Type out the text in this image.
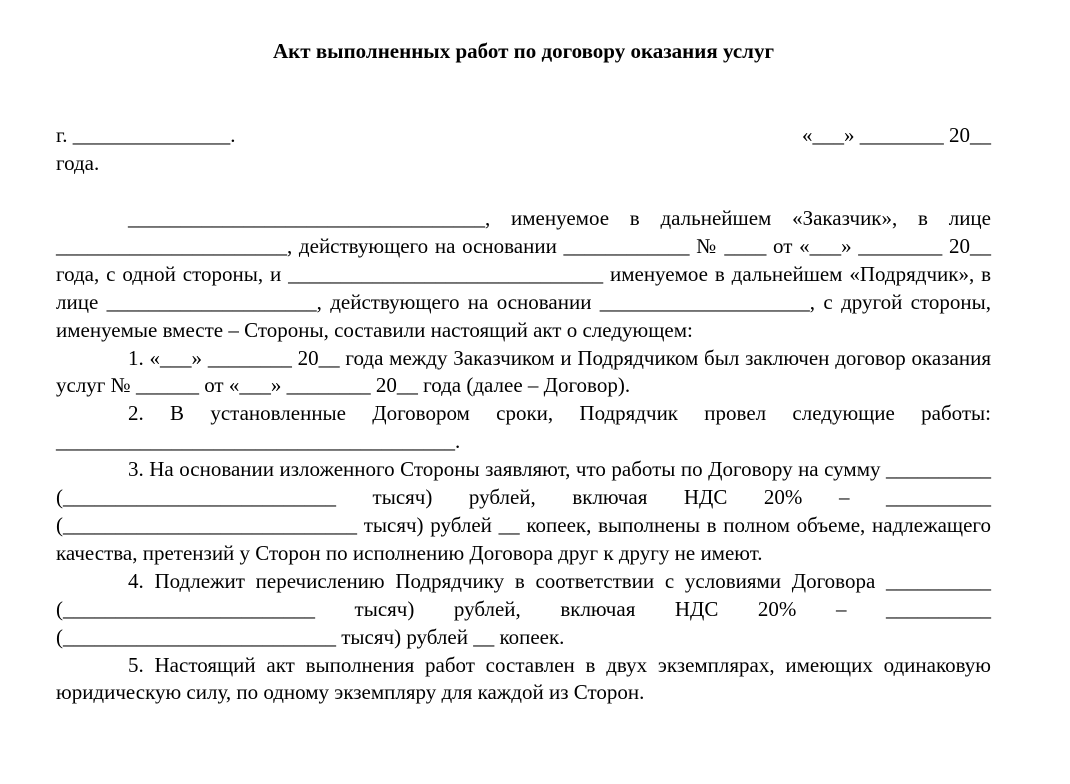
Акт выполненных работ по договору оказания услуг
г. _______________.	«___» ________ 20__
года.

__________________________________, именуемое в дальнейшем «Заказчик», в лице ______________________, действующего на основании ____________ № ____ от «___» ________ 20__ года, с одной стороны, и ______________________________ именуемое в дальнейшем «Подрядчик», в лице ____________________, действующего на основании ____________________, с другой стороны, именуемые вместе – Стороны, составили настоящий акт о следующем:

1. «___» ________ 20__ года между Заказчиком и Подрядчиком был заключен договор оказания услуг № ______ от «___» ________ 20__ года (далее – Договор).

2. В установленные Договором сроки, Подрядчик провел следующие работы: ______________________________________.

3. На основании изложенного Стороны заявляют, что работы по Договору на сумму __________ (__________________________ тысяч) рублей, включая НДС 20% – __________ (____________________________ тысяч) рублей __ копеек, выполнены в полном объеме, надлежащего качества, претензий у Сторон по исполнению Договора друг к другу не имеют.

4. Подлежит перечислению Подрядчику в соответствии с условиями Договора __________ (________________________ тысяч) рублей, включая НДС 20% – __________ (__________________________ тысяч) рублей __ копеек.

5. Настоящий акт выполнения работ составлен в двух экземплярах, имеющих одинаковую юридическую силу, по одному экземпляру для каждой из Сторон.
